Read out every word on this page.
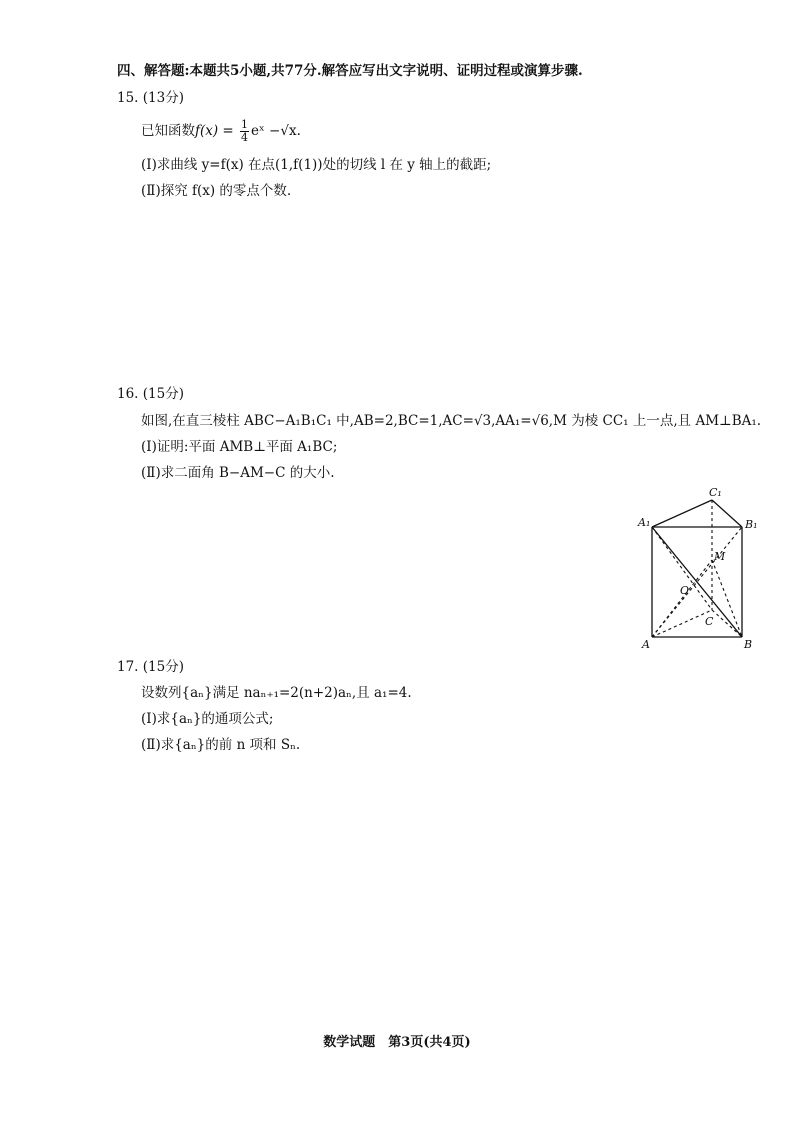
四、解答题:本题共5小题,共77分.解答应写出文字说明、证明过程或演算步骤.
15. (13分)
已知函数$f(x) = \frac{1}{4}$ eˣ −√x.
(Ⅰ)求曲线 y=f(x) 在点(1,f(1))处的切线 l 在 y 轴上的截距;
(Ⅱ)探究 f(x) 的零点个数.
16. (15分)
如图,在直三棱柱 ABC−A₁B₁C₁ 中,AB=2,BC=1,AC=√3,AA₁=√6,M 为棱 CC₁ 上一点,且 AM⊥BA₁.
(Ⅰ)证明:平面 AMB⊥平面 A₁BC;
(Ⅱ)求二面角 B−AM−C 的大小.
A₁
C₁
B₁
M
O
C
A	B
17. (15分)
设数列{aₙ}满足 naₙ₊₁=2(n+2)aₙ,且 a₁=4.
(Ⅰ)求{aₙ}的通项公式;
(Ⅱ)求{aₙ}的前 n 项和 Sₙ.
数学试题　第3页(共4页)
